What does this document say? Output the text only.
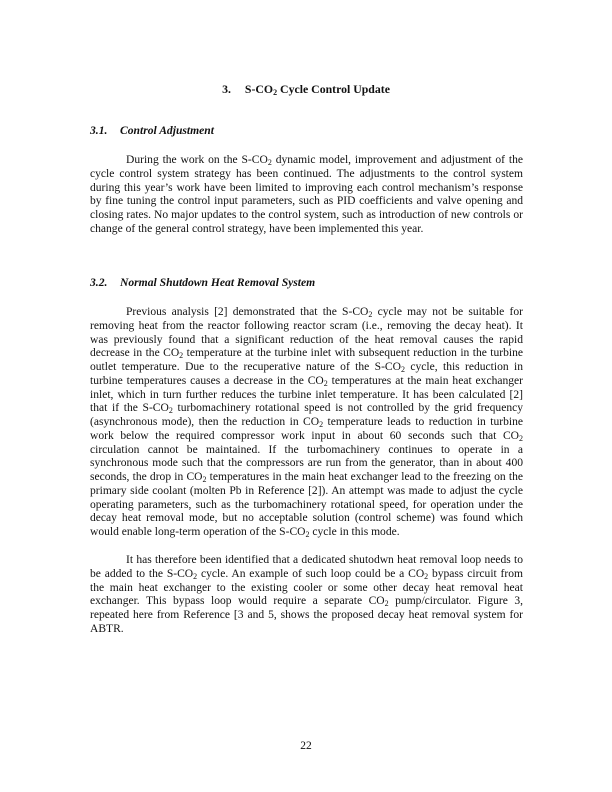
3. $S-CO_2$ Cycle Control Update
3.1. Control Adjustment

During the work on the $S-CO_2$ dynamic model, improvement and adjustment of the cycle control system strategy has been continued. The adjustments to the control system during this year’s work have been limited to improving each control mechanism’s response by fine tuning the control input parameters, such as PID coefficients and valve opening and closing rates. No major updates to the control system, such as introduction of new controls or change of the general control strategy, have been implemented this year.

3.2. Normal Shutdown Heat Removal System

Previous analysis [2] demonstrated that the $S-CO_2$ cycle may not be suitable for removing heat from the reactor following reactor scram (i.e., removing the decay heat). It was previously found that a significant reduction of the heat removal causes the rapid decrease in the $CO_2$ temperature at the turbine inlet with subsequent reduction in the turbine outlet temperature. Due to the recuperative nature of the $S-CO_2$ cycle, this reduction in turbine temperatures causes a decrease in the $CO_2$ temperatures at the main heat exchanger inlet, which in turn further reduces the turbine inlet temperature. It has been calculated [2] that if the $S-CO_2$ turbomachinery rotational speed is not controlled by the grid frequency (asynchronous mode), then the reduction in $CO_2$ temperature leads to reduction in turbine work below the required compressor work input in about 60 seconds such that $CO_2$ circulation cannot be maintained. If the turbomachinery continues to operate in a synchronous mode such that the compressors are run from the generator, than in about 400 seconds, the drop in $CO_2$ temperatures in the main heat exchanger lead to the freezing on the primary side coolant (molten Pb in Reference [2]). An attempt was made to adjust the cycle operating parameters, such as the turbomachinery rotational speed, for operation under the decay heat removal mode, but no acceptable solution (control scheme) was found which would enable long-term operation of the $S-CO_2$ cycle in this mode.

It has therefore been identified that a dedicated shutodwn heat removal loop needs to be added to the $S-CO_2$ cycle. An example of such loop could be a $CO_2$ bypass circuit from the main heat exchanger to the existing cooler or some other decay heat removal heat exchanger. This bypass loop would require a separate $CO_2$ pump/circulator. Figure 3, repeated here from Reference [3 and 5, shows the proposed decay heat removal system for ABTR.

22
